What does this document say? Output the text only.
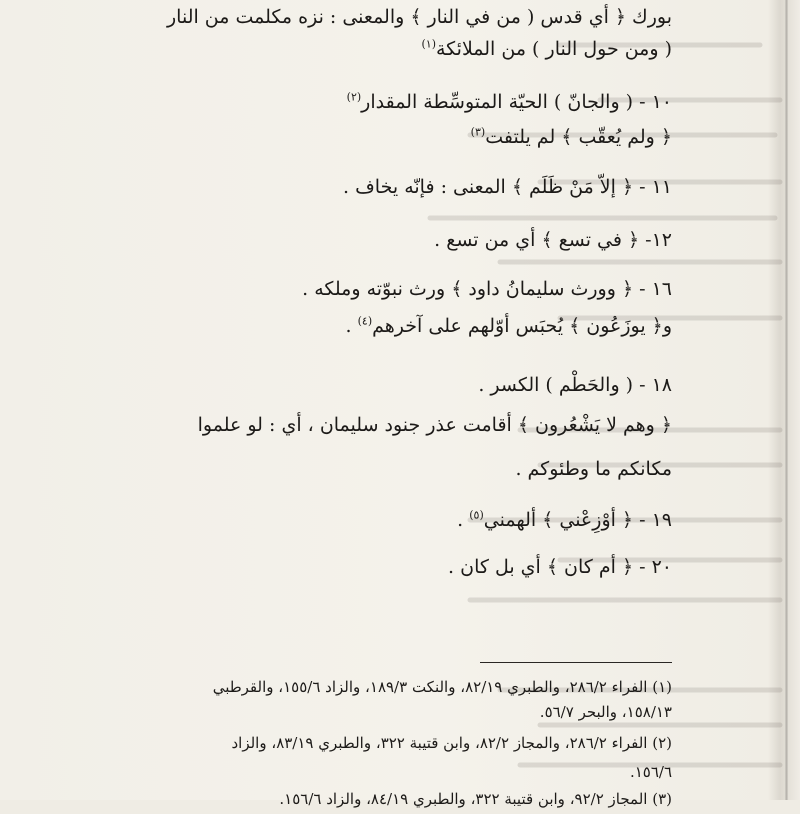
بورك ﴿ أي قدس ( من في النار ﴾ والمعنى : نزه مكلمت من النار
( ومن حول النار ) من الملائكة$^{(١)}$
١٠ - ( والجانّ ) الحيّة المتوسِّطة المقدار$^{(٢)}$
﴿ ولم يُعقّب ﴾ لم يلتفت$^{(٣)}$
١١ - ﴿ إلاّ مَنْ ظَلَم ﴾ المعنى : فإنّه يخاف .
١٢- ﴿ في تسع ﴾ أي من تسع .
١٦ - ﴿ وورث سليمانُ داود ﴾ ورث نبوّته وملكه .
و﴿ يوزَعُون ﴾ يُحبَس أوّلهم على آخرهم$^{(٤)}$ .
١٨ - ( والحَطْم ) الكسر .
﴿ وهم لا يَشْعُرون ﴾ أقامت عذر جنود سليمان ، أي : لو علموا
مكانكم ما وطئوكم .
١٩ - ﴿ أوْزِعْني ﴾ ألهمني$^{(٥)}$ .
٢٠ - ﴿ أم كان ﴾ أي بل كان .
(١) الفراء ٢٨٦/٢، والطبري ٨٢/١٩، والنكت ١٨٩/٣، والزاد ١٥٥/٦، والقرطبي
١٥٨/١٣، والبحر ٥٦/٧.
(٢) الفراء ٢٨٦/٢، والمجاز ٨٢/٢، وابن قتيبة ٣٢٢، والطبري ٨٣/١٩، والزاد
١٥٦/٦.
(٣) المجاز ٩٢/٢، وابن قتيبة ٣٢٢، والطبري ٨٤/١٩، والزاد ١٥٦/٦.
